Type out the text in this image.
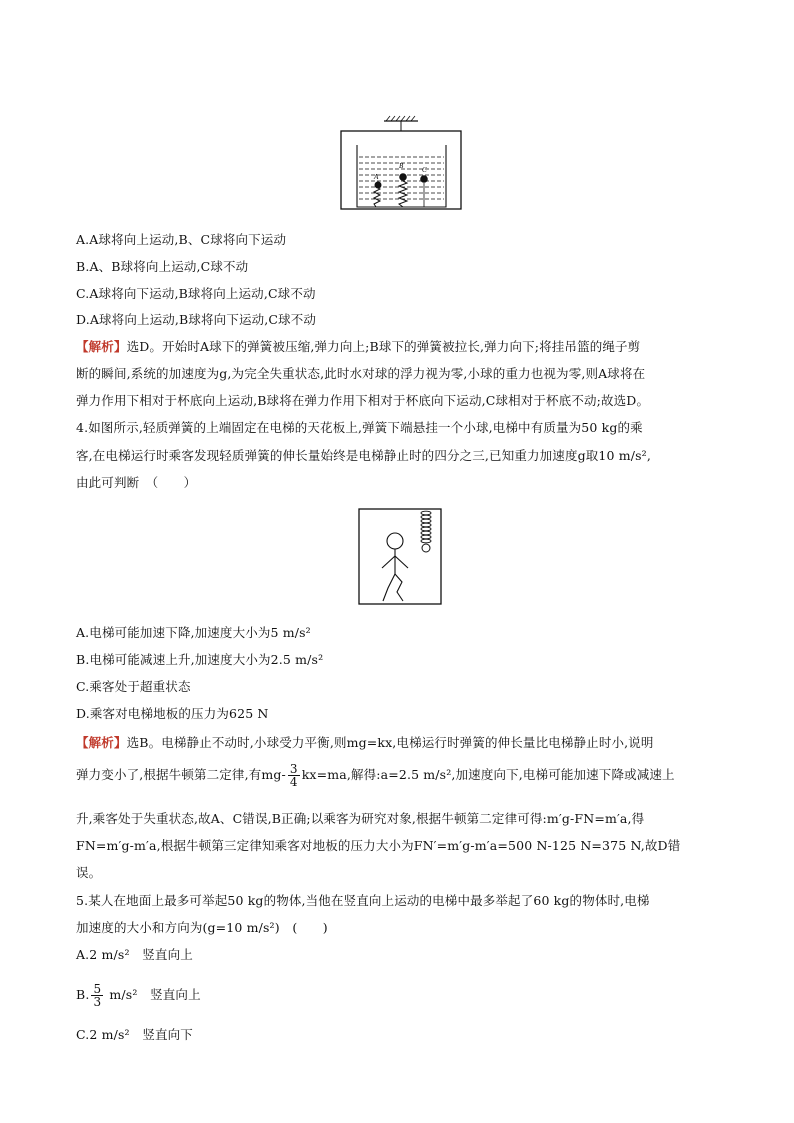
A
B	C
A.A球将向上运动,B、C球将向下运动
B.A、B球将向上运动,C球不动
C.A球将向下运动,B球将向上运动,C球不动
D.A球将向上运动,B球将向下运动,C球不动
【解析】选D。开始时A球下的弹簧被压缩,弹力向上;B球下的弹簧被拉长,弹力向下;将挂吊篮的绳子剪
断的瞬间,系统的加速度为g,为完全失重状态,此时水对球的浮力视为零,小球的重力也视为零,则A球将在
弹力作用下相对于杯底向上运动,B球将在弹力作用下相对于杯底向下运动,C球相对于杯底不动;故选D。
4.如图所示,轻质弹簧的上端固定在电梯的天花板上,弹簧下端悬挂一个小球,电梯中有质量为50 kg的乘
客,在电梯运行时乘客发现轻质弹簧的伸长量始终是电梯静止时的四分之三,已知重力加速度g取10 m/s²,
由此可判断　（　　）
A.电梯可能加速下降,加速度大小为5 m/s²
B.电梯可能减速上升,加速度大小为2.5 m/s²
C.乘客处于超重状态
D.乘客对电梯地板的压力为625 N
【解析】选B。电梯静止不动时,小球受力平衡,则mg=kx,电梯运行时弹簧的伸长量比电梯静止时小,说明
弹力变小了,根据牛顿第二定律,有$mg- \frac{3}{4} kx=ma$,解得:a=2.5 m/s²,加速度向下,电梯可能加速下降或减速上
升,乘客处于失重状态,故A、C错误,B正确;以乘客为研究对象,根据牛顿第二定律可得:m′g-FN=m′a,得
FN=m′g-m′a,根据牛顿第三定律知乘客对地板的压力大小为FN′=m′g-m′a=500 N-125 N=375 N,故D错
误。
5.某人在地面上最多可举起50 kg的物体,当他在竖直向上运动的电梯中最多举起了60 kg的物体时,电梯
加速度的大小和方向为(g=10 m/s²)　(　　)
A.2 m/s²　竖直向上
B. $\frac{5}{3} m/s^2$　竖直向上
C.2 m/s²　竖直向下
